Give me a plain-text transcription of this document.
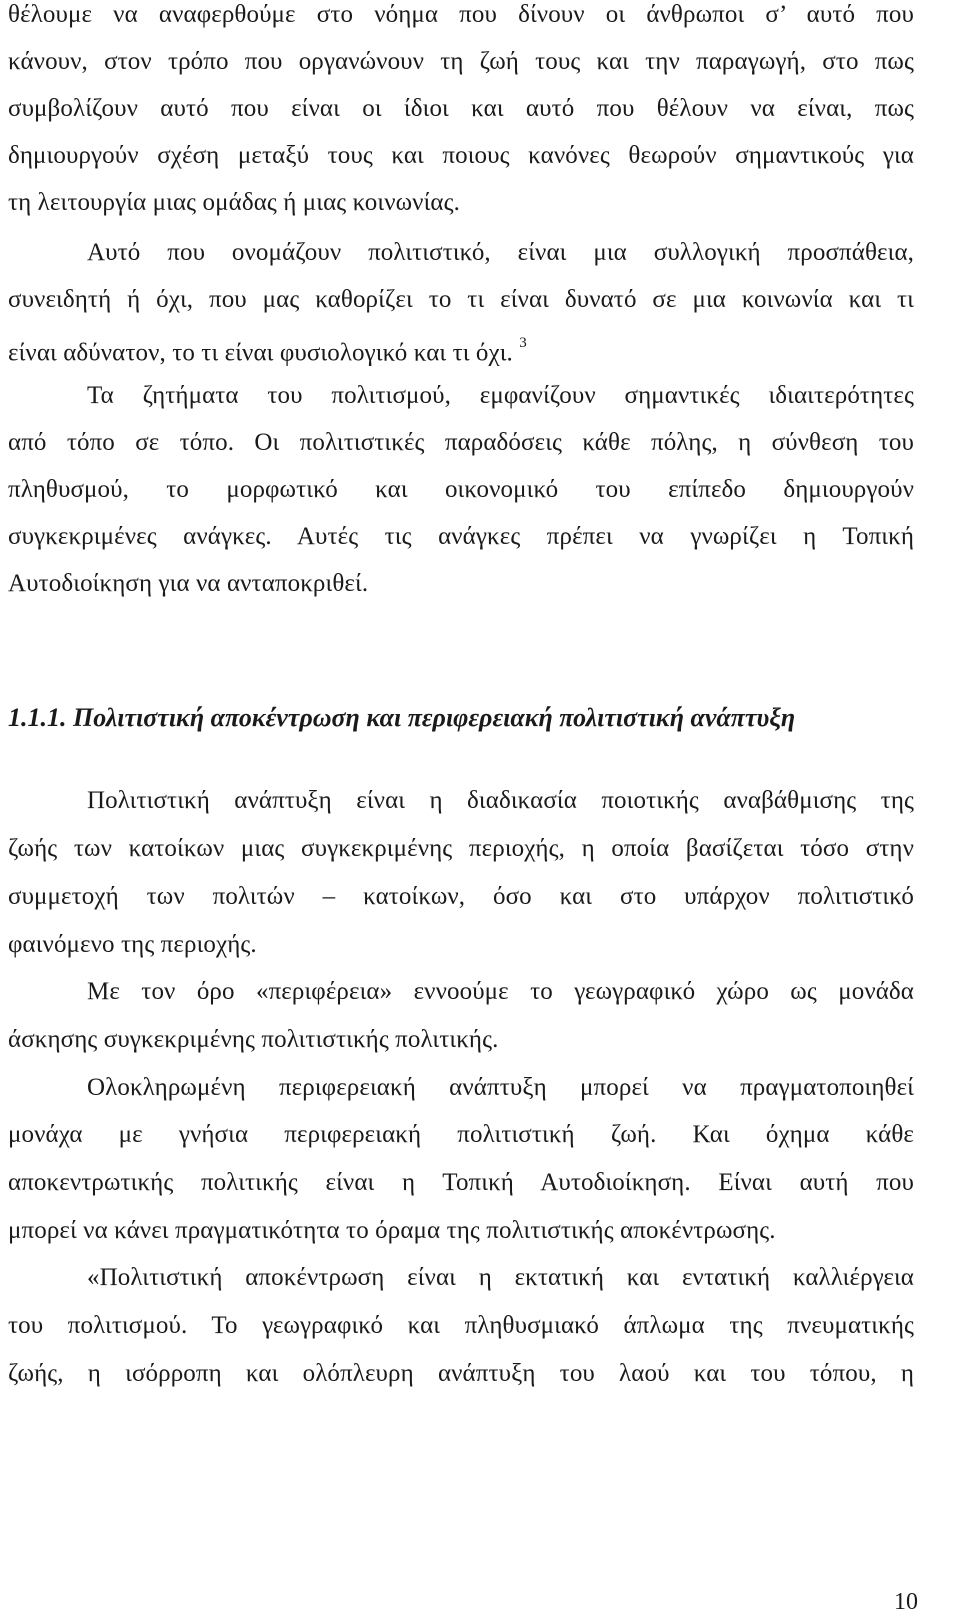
θέλουμε να αναφερθούμε στο νόημα που δίνουν οι άνθρωποι σ’ αυτό που
κάνουν, στον τρόπο που οργανώνουν τη ζωή τους και την παραγωγή, στο πως
συμβολίζουν αυτό που είναι οι ίδιοι και αυτό που θέλουν να είναι, πως
δημιουργούν σχέση μεταξύ τους και ποιους κανόνες θεωρούν σημαντικούς για
τη λειτουργία μιας ομάδας ή μιας κοινωνίας.
Αυτό που ονομάζουν πολιτιστικό, είναι μια συλλογική προσπάθεια,
συνειδητή ή όχι, που μας καθορίζει το τι είναι δυνατό σε μια κοινωνία και τι
είναι αδύνατον, το τι είναι φυσιολογικό και τι όχι. $^3$
Τα ζητήματα του πολιτισμού, εμφανίζουν σημαντικές ιδιαιτερότητες
από τόπο σε τόπο. Οι πολιτιστικές παραδόσεις κάθε πόλης, η σύνθεση του
πληθυσμού, το μορφωτικό και οικονομικό του επίπεδο δημιουργούν
συγκεκριμένες ανάγκες. Αυτές τις ανάγκες πρέπει να γνωρίζει η Τοπική
Αυτοδιοίκηση για να ανταποκριθεί.
1.1.1. Πολιτιστική αποκέντρωση και περιφερειακή πολιτιστική ανάπτυξη
Πολιτιστική ανάπτυξη είναι η διαδικασία ποιοτικής αναβάθμισης της
ζωής των κατοίκων μιας συγκεκριμένης περιοχής, η οποία βασίζεται τόσο στην
συμμετοχή των πολιτών – κατοίκων, όσο και στο υπάρχον πολιτιστικό
φαινόμενο της περιοχής.
Με τον όρο «περιφέρεια» εννοούμε το γεωγραφικό χώρο ως μονάδα
άσκησης συγκεκριμένης πολιτιστικής πολιτικής.
Ολοκληρωμένη περιφερειακή ανάπτυξη μπορεί να πραγματοποιηθεί
μονάχα με γνήσια περιφερειακή πολιτιστική ζωή. Και όχημα κάθε
αποκεντρωτικής πολιτικής είναι η Τοπική Αυτοδιοίκηση. Είναι αυτή που
μπορεί να κάνει πραγματικότητα το όραμα της πολιτιστικής αποκέντρωσης.
«Πολιτιστική αποκέντρωση είναι η εκτατική και εντατική καλλιέργεια
του πολιτισμού. Το γεωγραφικό και πληθυσμιακό άπλωμα της πνευματικής
ζωής, η ισόρροπη και ολόπλευρη ανάπτυξη του λαού και του τόπου, η
10
